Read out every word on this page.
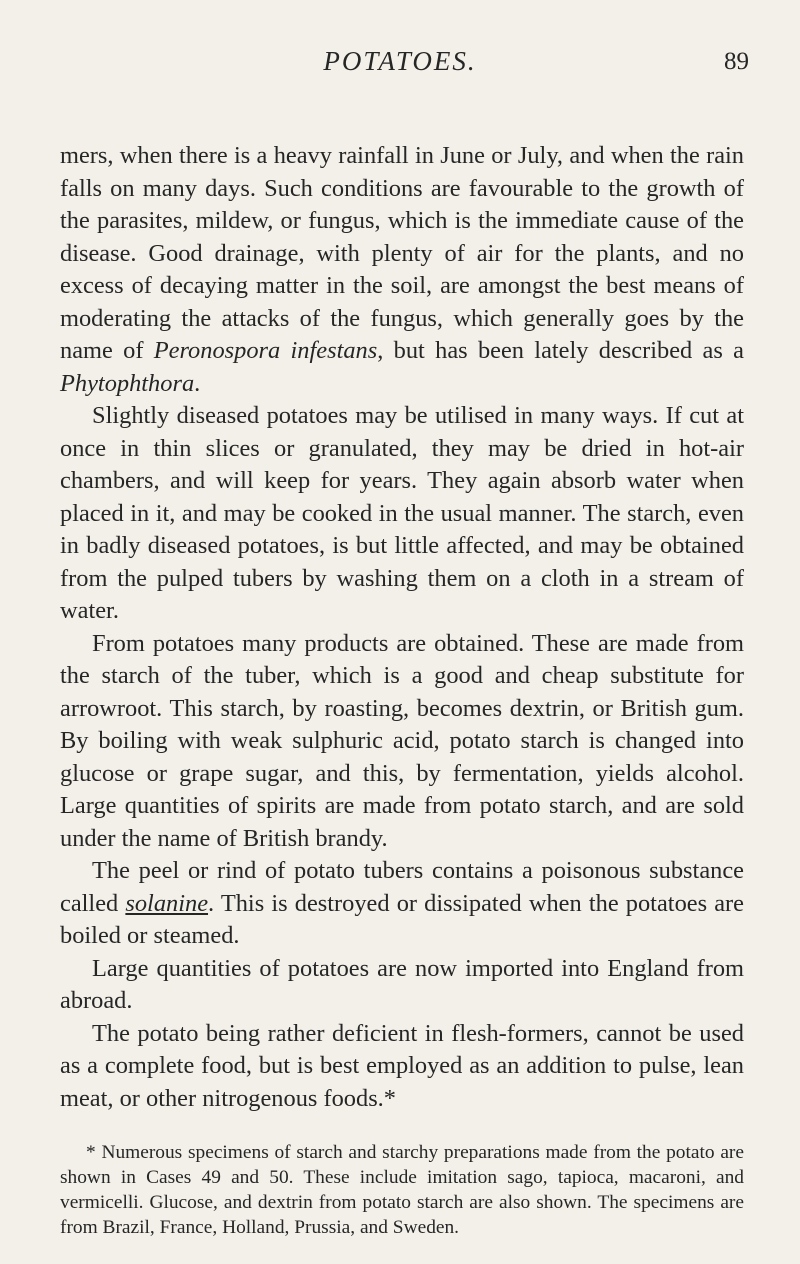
POTATOES.	89

mers, when there is a heavy rainfall in June or July, and when the rain falls on many days. Such conditions are favourable to the growth of the parasites, mildew, or fungus, which is the immediate cause of the disease. Good drainage, with plenty of air for the plants, and no excess of decaying matter in the soil, are amongst the best means of moderating the attacks of the fungus, which generally goes by the name of Peronospora infestans, but has been lately described as a Phytophthora.

Slightly diseased potatoes may be utilised in many ways. If cut at once in thin slices or granulated, they may be dried in hot-air chambers, and will keep for years. They again absorb water when placed in it, and may be cooked in the usual manner. The starch, even in badly diseased potatoes, is but little affected, and may be obtained from the pulped tubers by washing them on a cloth in a stream of water.

From potatoes many products are obtained. These are made from the starch of the tuber, which is a good and cheap substitute for arrowroot. This starch, by roasting, becomes dextrin, or British gum. By boiling with weak sulphuric acid, potato starch is changed into glucose or grape sugar, and this, by fermentation, yields alcohol. Large quantities of spirits are made from potato starch, and are sold under the name of British brandy.

The peel or rind of potato tubers contains a poisonous substance called solanine. This is destroyed or dissipated when the potatoes are boiled or steamed.

Large quantities of potatoes are now imported into England from abroad.

The potato being rather deficient in flesh-formers, cannot be used as a complete food, but is best employed as an addition to pulse, lean meat, or other nitrogenous foods.*

* Numerous specimens of starch and starchy preparations made from the potato are shown in Cases 49 and 50. These include imitation sago, tapioca, macaroni, and vermicelli. Glucose, and dextrin from potato starch are also shown. The specimens are from Brazil, France, Holland, Prussia, and Sweden.
